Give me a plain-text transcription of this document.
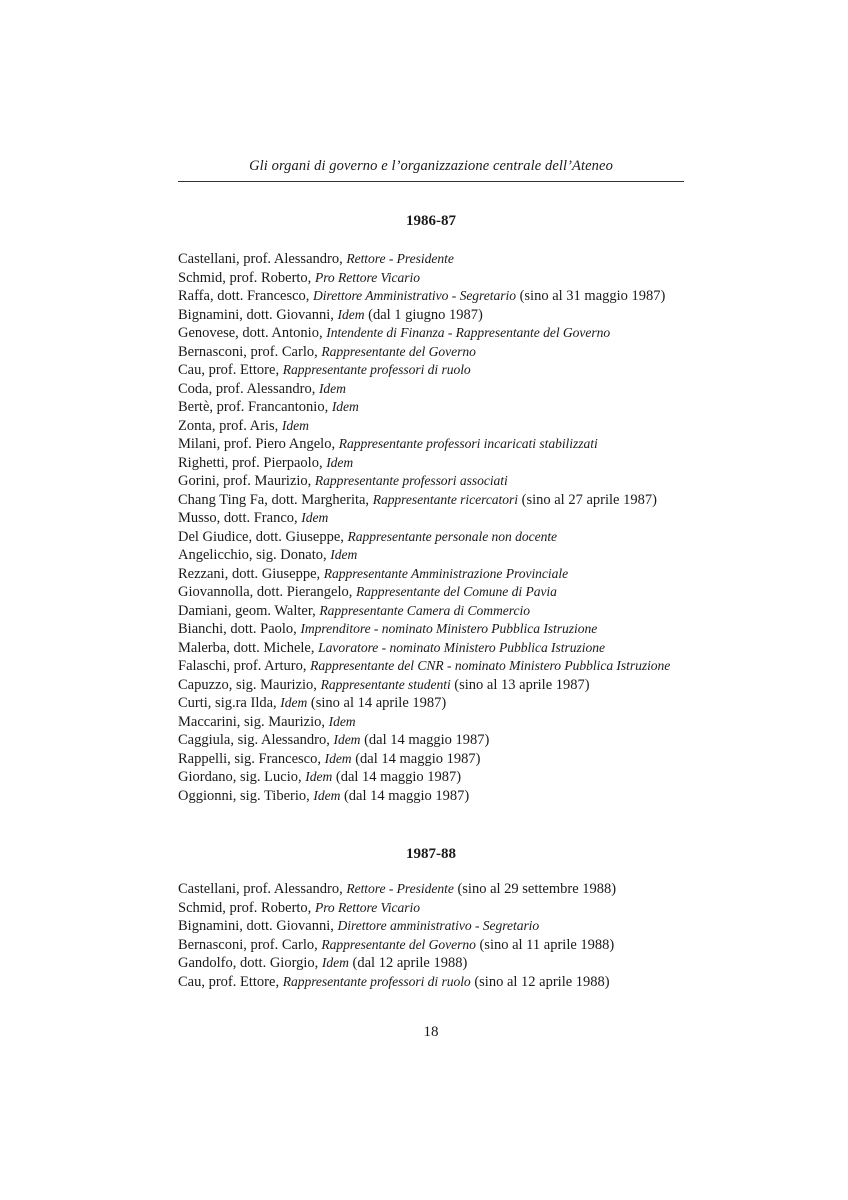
Gli organi di governo e l’organizzazione centrale dell’Ateneo
1986-87
Castellani, prof. Alessandro, Rettore - Presidente
Schmid, prof. Roberto, Pro Rettore Vicario
Raffa, dott. Francesco, Direttore Amministrativo - Segretario (sino al 31 maggio 1987)
Bignamini, dott. Giovanni, Idem (dal 1 giugno 1987)
Genovese, dott. Antonio, Intendente di Finanza - Rappresentante del Governo
Bernasconi, prof. Carlo, Rappresentante del Governo
Cau, prof. Ettore, Rappresentante professori di ruolo
Coda, prof. Alessandro, Idem
Bertè, prof. Francantonio, Idem
Zonta, prof. Aris, Idem
Milani, prof. Piero Angelo, Rappresentante professori incaricati stabilizzati
Righetti, prof. Pierpaolo, Idem
Gorini, prof. Maurizio, Rappresentante professori associati
Chang Ting Fa, dott. Margherita, Rappresentante ricercatori (sino al 27 aprile 1987)
Musso, dott. Franco, Idem
Del Giudice, dott. Giuseppe, Rappresentante personale non docente
Angelicchio, sig. Donato, Idem
Rezzani, dott. Giuseppe, Rappresentante Amministrazione Provinciale
Giovannolla, dott. Pierangelo, Rappresentante del Comune di Pavia
Damiani, geom. Walter, Rappresentante Camera di Commercio
Bianchi, dott. Paolo, Imprenditore - nominato Ministero Pubblica Istruzione
Malerba, dott. Michele, Lavoratore - nominato Ministero Pubblica Istruzione
Falaschi, prof. Arturo, Rappresentante del CNR - nominato Ministero Pubblica Istruzione
Capuzzo, sig. Maurizio, Rappresentante studenti (sino al 13 aprile 1987)
Curti, sig.ra Ilda, Idem (sino al 14 aprile 1987)
Maccarini, sig. Maurizio, Idem
Caggiula, sig. Alessandro, Idem (dal 14 maggio 1987)
Rappelli, sig. Francesco, Idem (dal 14 maggio 1987)
Giordano, sig. Lucio, Idem (dal 14 maggio 1987)
Oggionni, sig. Tiberio, Idem (dal 14 maggio 1987)
1987-88
Castellani, prof. Alessandro, Rettore - Presidente (sino al 29 settembre 1988)
Schmid, prof. Roberto, Pro Rettore Vicario
Bignamini, dott. Giovanni, Direttore amministrativo - Segretario
Bernasconi, prof. Carlo, Rappresentante del Governo (sino al 11 aprile 1988)
Gandolfo, dott. Giorgio, Idem (dal 12 aprile 1988)
Cau, prof. Ettore, Rappresentante professori di ruolo (sino al 12 aprile 1988)
18
